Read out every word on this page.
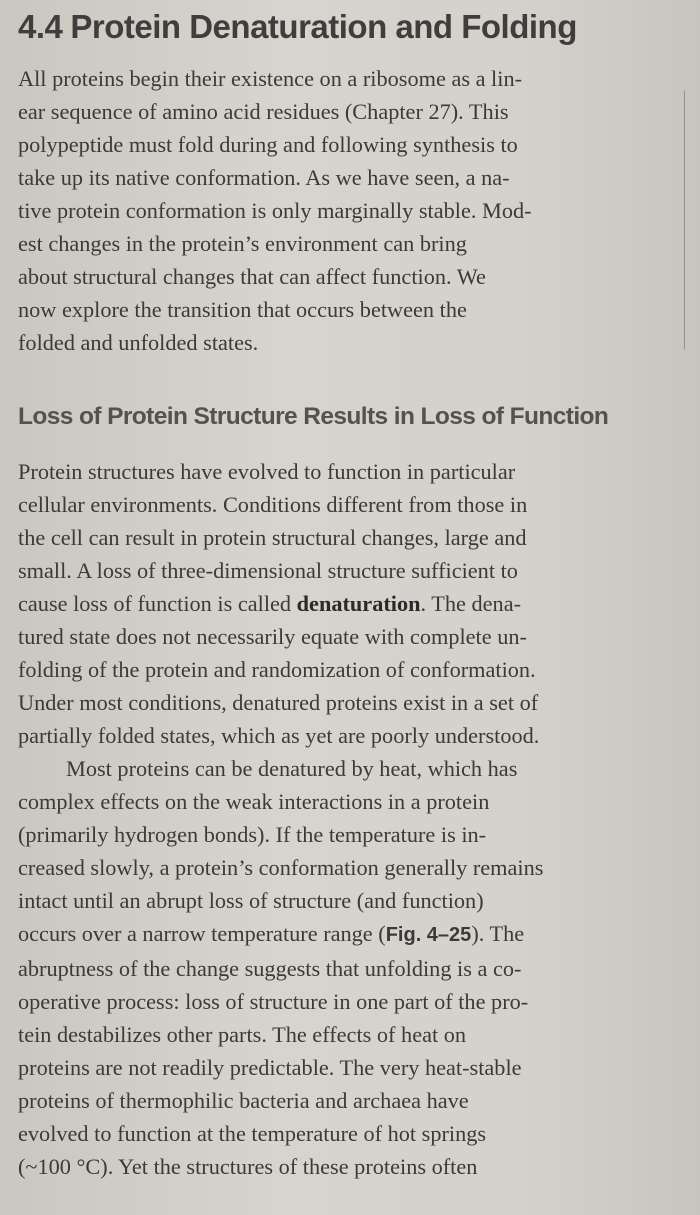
4.4 Protein Denaturation and Folding

All proteins begin their existence on a ribosome as a lin-
ear sequence of amino acid residues (Chapter 27). This
polypeptide must fold during and following synthesis to
take up its native conformation. As we have seen, a na-
tive protein conformation is only marginally stable. Mod-
est changes in the protein’s environment can bring
about structural changes that can affect function. We
now explore the transition that occurs between the
folded and unfolded states.

Loss of Protein Structure Results in Loss of Function
Protein structures have evolved to function in particular
cellular environments. Conditions different from those in
the cell can result in protein structural changes, large and
small. A loss of three-dimensional structure sufficient to
cause loss of function is called denaturation. The dena-
tured state does not necessarily equate with complete un-
folding of the protein and randomization of conformation.
Under most conditions, denatured proteins exist in a set of
partially folded states, which as yet are poorly understood.
Most proteins can be denatured by heat, which has
complex effects on the weak interactions in a protein
(primarily hydrogen bonds). If the temperature is in-
creased slowly, a protein’s conformation generally remains
intact until an abrupt loss of structure (and function)
occurs over a narrow temperature range (Fig. 4–25). The
abruptness of the change suggests that unfolding is a co-
operative process: loss of structure in one part of the pro-
tein destabilizes other parts. The effects of heat on
proteins are not readily predictable. The very heat-stable
proteins of thermophilic bacteria and archaea have
evolved to function at the temperature of hot springs
(~100 °C). Yet the structures of these proteins often
